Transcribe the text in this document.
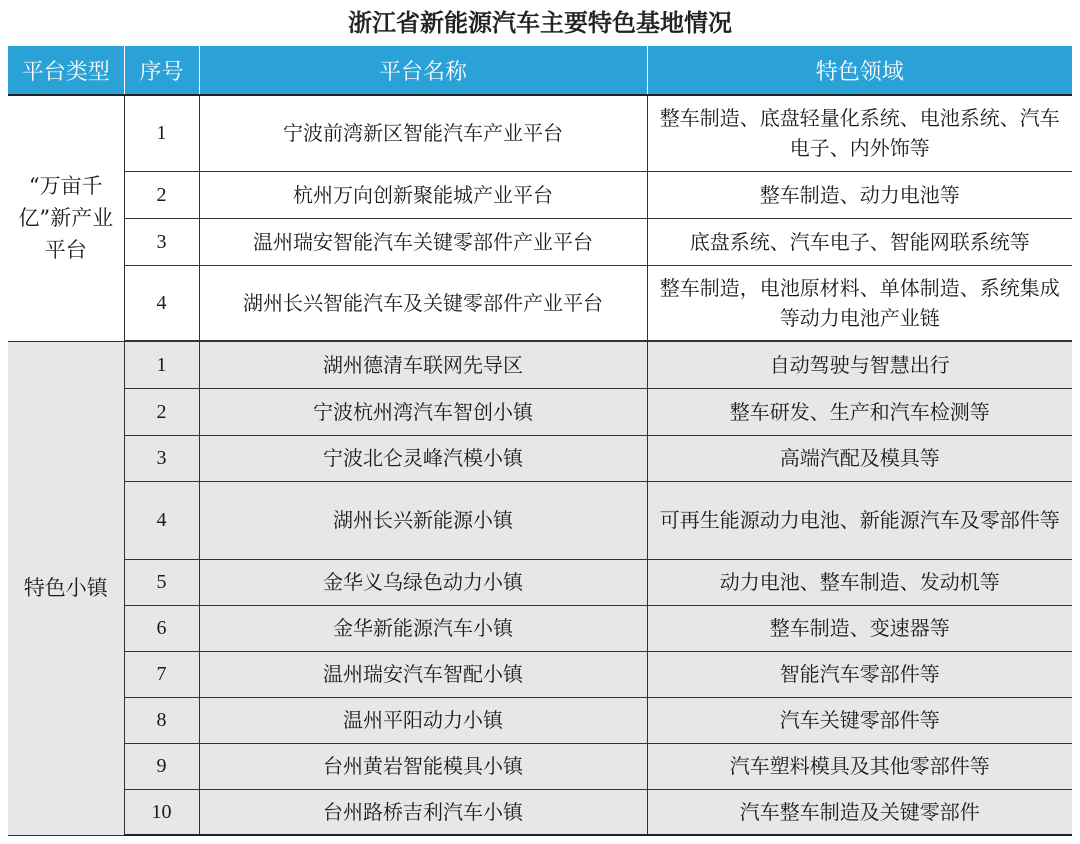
浙江省新能源汽车主要特色基地情况
平台类型	序号	平台名称	特色领域
“万亩千亿”新产业平台	1	宁波前湾新区智能汽车产业平台	整车制造、底盘轻量化系统、电池系统、汽车电子、内外饰等
	2	杭州万向创新聚能城产业平台	整车制造、动力电池等
	3	温州瑞安智能汽车关键零部件产业平台	底盘系统、汽车电子、智能网联系统等
	4	湖州长兴智能汽车及关键零部件产业平台	整车制造，电池原材料、单体制造、系统集成等动力电池产业链
特色小镇	1	湖州德清车联网先导区	自动驾驶与智慧出行
	2	宁波杭州湾汽车智创小镇	整车研发、生产和汽车检测等
	3	宁波北仑灵峰汽模小镇	高端汽配及模具等
	4	湖州长兴新能源小镇	可再生能源动力电池、新能源汽车及零部件等
	5	金华义乌绿色动力小镇	动力电池、整车制造、发动机等
	6	金华新能源汽车小镇	整车制造、变速器等
	7	温州瑞安汽车智配小镇	智能汽车零部件等
	8	温州平阳动力小镇	汽车关键零部件等
	9	台州黄岩智能模具小镇	汽车塑料模具及其他零部件等
	10	台州路桥吉利汽车小镇	汽车整车制造及关键零部件
